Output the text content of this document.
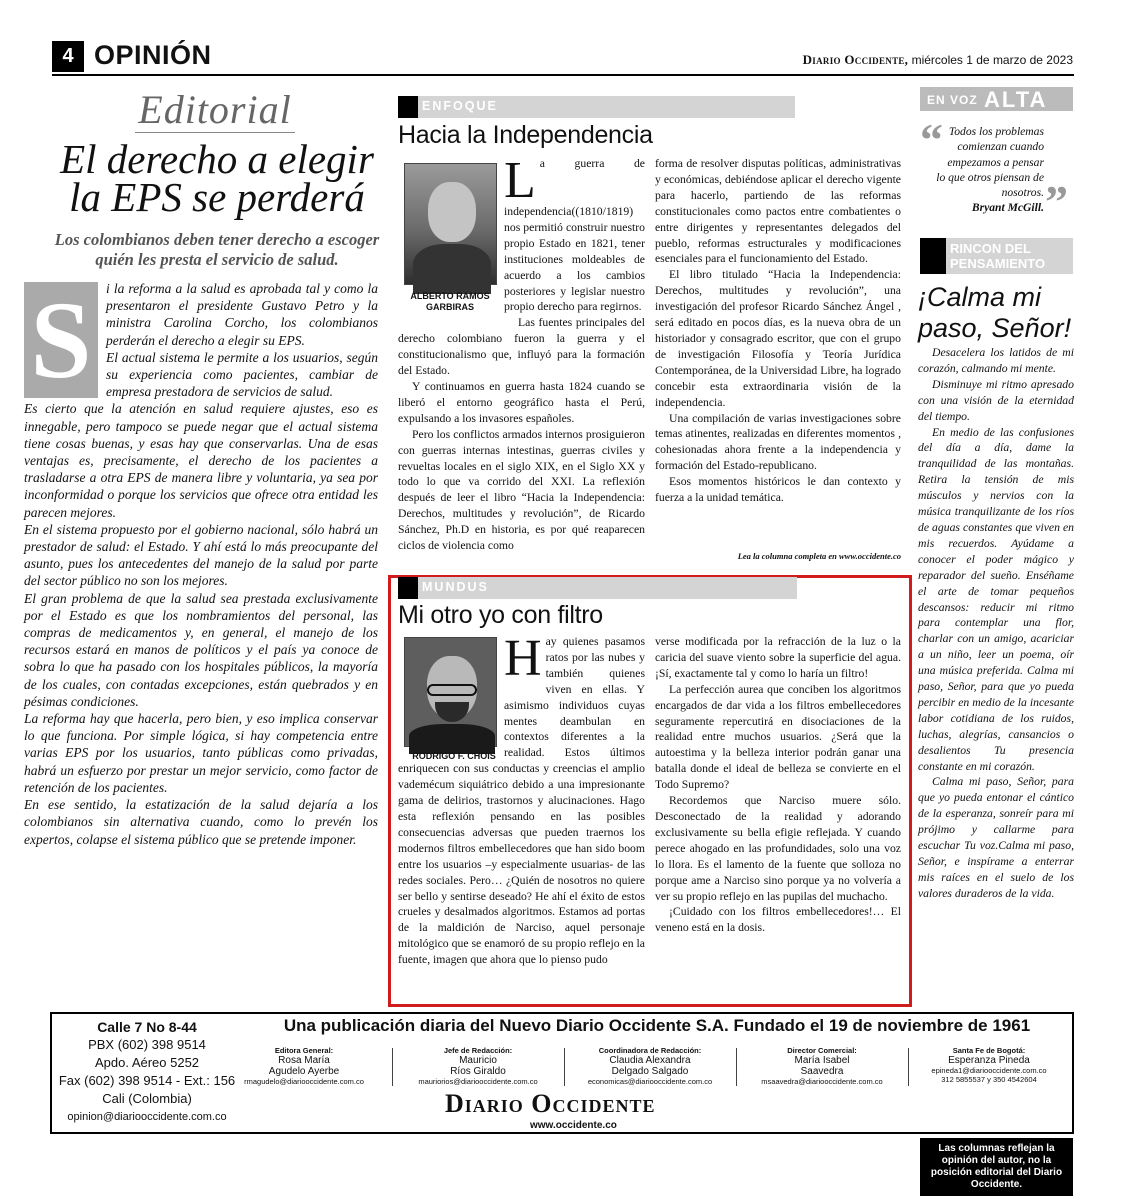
4 OPINIÓN	Diario Occidente, miércoles 1 de marzo de 2023
Editorial
El derecho a elegir la EPS se perderá
Los colombianos deben tener derecho a escoger quién les presta el servicio de salud.
S	i la reforma a la salud es aprobada tal y como la presentaron el presidente Gustavo Petro y la ministra Carolina Corcho, los colombianos perderán el derecho a elegir su EPS.

El actual sistema le permite a los usuarios, según su experiencia como pacientes, cambiar de empresa prestadora de servicios de salud.

Es cierto que la atención en salud requiere ajustes, eso es innegable, pero tampoco se puede negar que el actual sistema tiene cosas buenas, y esas hay que conservarlas. Una de esas ventajas es, precisamente, el derecho de los pacientes a trasladarse a otra EPS de manera libre y voluntaria, ya sea por inconformidad o porque los servicios que ofrece otra entidad les parecen mejores.

En el sistema propuesto por el gobierno nacional, sólo habrá un prestador de salud: el Estado. Y ahí está lo más preocupante del asunto, pues los antecedentes del manejo de la salud por parte del sector público no son los mejores.

El gran problema de que la salud sea prestada exclusivamente por el Estado es que los nombramientos del personal, las compras de medicamentos y, en general, el manejo de los recursos estará en manos de políticos y el país ya conoce de sobra lo que ha pasado con los hospitales públicos, la mayoría de los cuales, con contadas excepciones, están quebrados y en pésimas condiciones.

La reforma hay que hacerla, pero bien, y eso implica conservar lo que funciona. Por simple lógica, si hay competencia entre varias EPS por los usuarios, tanto públicas como privadas, habrá un esfuerzo por prestar un mejor servicio, como factor de retención de los pacientes.

En ese sentido, la estatización de la salud dejaría a los colombianos sin alternativa cuando, como lo prevén los expertos, colapse el sistema público que se pretende imponer.

ENFOQUE
Hacia la Independencia
ALBERTO RAMOS GARBIRAS
L a guerra de independencia((1810/1819) nos permitió construir nuestro propio Estado en 1821, tener instituciones moldeables de acuerdo a los cambios posteriores y legislar nuestro propio derecho para regirnos.

Las fuentes principales del derecho colombiano fueron la guerra y el constitucionalismo que, influyó para la formación del Estado.

Y continuamos en guerra hasta 1824 cuando se liberó el entorno geográfico hasta el Perú, expulsando a los invasores españoles.

Pero los conflictos armados internos prosiguieron con guerras internas intestinas, guerras civiles y revueltas locales en el siglo XIX, en el Siglo XX y todo lo que va corrido del XXI. La reflexión después de leer el libro “Hacia la Independencia: Derechos, multitudes y revolución”, de Ricardo Sánchez, Ph.D en historia, es por qué reaparecen ciclos de violencia como

forma de resolver disputas políticas, administrativas y económicas, debiéndose aplicar el derecho vigente para hacerlo, partiendo de las reformas constitucionales como pactos entre combatientes o entre dirigentes y representantes delegados del pueblo, reformas estructurales y modificaciones esenciales para el funcionamiento del Estado.

El libro titulado “Hacia la Independencia: Derechos, multitudes y revolución”, una investigación del profesor Ricardo Sánchez Ángel , será editado en pocos días, es la nueva obra de un historiador y consagrado escritor, que con el grupo de investigación Filosofía y Teoría Jurídica Contemporánea, de la Universidad Libre, ha logrado concebir esta extraordinaria visión de la independencia.

Una compilación de varias investigaciones sobre temas atinentes, realizadas en diferentes momentos , cohesionadas ahora frente a la independencia y formación del Estado-republicano.

Esos momentos históricos le dan contexto y fuerza a la unidad temática.

Lea la columna completa en www.occidente.co
MUNDUS
Mi otro yo con filtro
RODRIGO F. CHOIS
H ay quienes pasamos ratos por las nubes y también quienes viven en ellas. Y asimismo individuos cuyas mentes deambulan en contextos diferentes a la realidad. Estos últimos enriquecen con sus conductas y creencias el amplio vademécum siquiátrico debido a una impresionante gama de delirios, trastornos y alucinaciones. Hago esta reflexión pensando en las posibles consecuencias adversas que pueden traernos los modernos filtros embellecedores que han sido boom entre los usuarios –y especialmente usuarias- de las redes sociales. Pero… ¿Quién de nosotros no quiere ser bello y sentirse deseado? He ahí el éxito de estos crueles y desalmados algoritmos. Estamos ad portas de la maldición de Narciso, aquel personaje mitológico que se enamoró de su propio reflejo en la fuente, imagen que ahora que lo pienso pudo

verse modificada por la refracción de la luz o la caricia del suave viento sobre la superficie del agua. ¡Sí, exactamente tal y como lo haría un filtro!

La perfección aurea que conciben los algoritmos encargados de dar vida a los filtros embellecedores seguramente repercutirá en disociaciones de la realidad entre muchos usuarios. ¿Será que la autoestima y la belleza interior podrán ganar una batalla donde el ideal de belleza se convierte en el Todo Supremo?

Recordemos que Narciso muere sólo. Desconectado de la realidad y adorando exclusivamente su bella efigie reflejada. Y cuando perece ahogado en las profundidades, solo una voz lo llora. Es el lamento de la fuente que solloza no porque ame a Narciso sino porque ya no volvería a ver su propio reflejo en las pupilas del muchacho.

¡Cuidado con los filtros embellecedores!… El veneno está en la dosis.

EN VOZ ALTA
“ Todos los problemas comienzan cuando empezamos a pensar lo que otros piensan de nosotros.
Bryant McGill. ”
RINCON DEL PENSAMIENTO
¡Calma mi paso, Señor!

Desacelera los latidos de mi corazón, calmando mi mente.

Disminuye mi ritmo apresado con una visión de la eternidad del tiempo.

En medio de las confusiones del día a día, dame la tranquilidad de las montañas. Retira la tensión de mis músculos y nervios con la música tranquilizante de los ríos de aguas constantes que viven en mis recuerdos. Ayúdame a conocer el poder mágico y reparador del sueño. Enséñame el arte de tomar pequeños descansos: reducir mi ritmo para contemplar una flor, charlar con un amigo, acariciar a un niño, leer un poema, oír una música preferida. Calma mi paso, Señor, para que yo pueda percibir en medio de la incesante labor cotidiana de los ruidos, luchas, alegrías, cansancios o desalientos Tu presencia constante en mi corazón.

Calma mi paso, Señor, para que yo pueda entonar el cántico de la esperanza, sonreír para mi prójimo y callarme para escuchar Tu voz.Calma mi paso, Señor, e inspírame a enterrar mis raíces en el suelo de los valores duraderos de la vida.

Las columnas reflejan la opinión del autor, no la posición editorial del Diario Occidente.
Calle 7 No 8-44
PBX (602) 398 9514
Apdo. Aéreo 5252
Fax (602) 398 9514 - Ext.: 156
Cali (Colombia)
opinion@diariooccidente.com.co
Una publicación diaria del Nuevo Diario Occidente S.A. Fundado el 19 de noviembre de 1961
Editora General:
Rosa María
Agudelo Ayerbe
rmagudelo@diariooccidente.com.co
Jefe de Redacción:
Mauricio
Ríos Giraldo
mauriorios@diariooccidente.com.co
Coordinadora de Redacción:
Claudia Alexandra
Delgado Salgado
economicas@diariooccidente.com.co
Director Comercial:
María Isabel
Saavedra
msaavedra@diariooccidente.com.co
Santa Fe de Bogotá:
Esperanza Pineda
epineda1@diariooccidente.com.co
312 5855537 y 350 4542604
Diario Occidente
www.occidente.co
